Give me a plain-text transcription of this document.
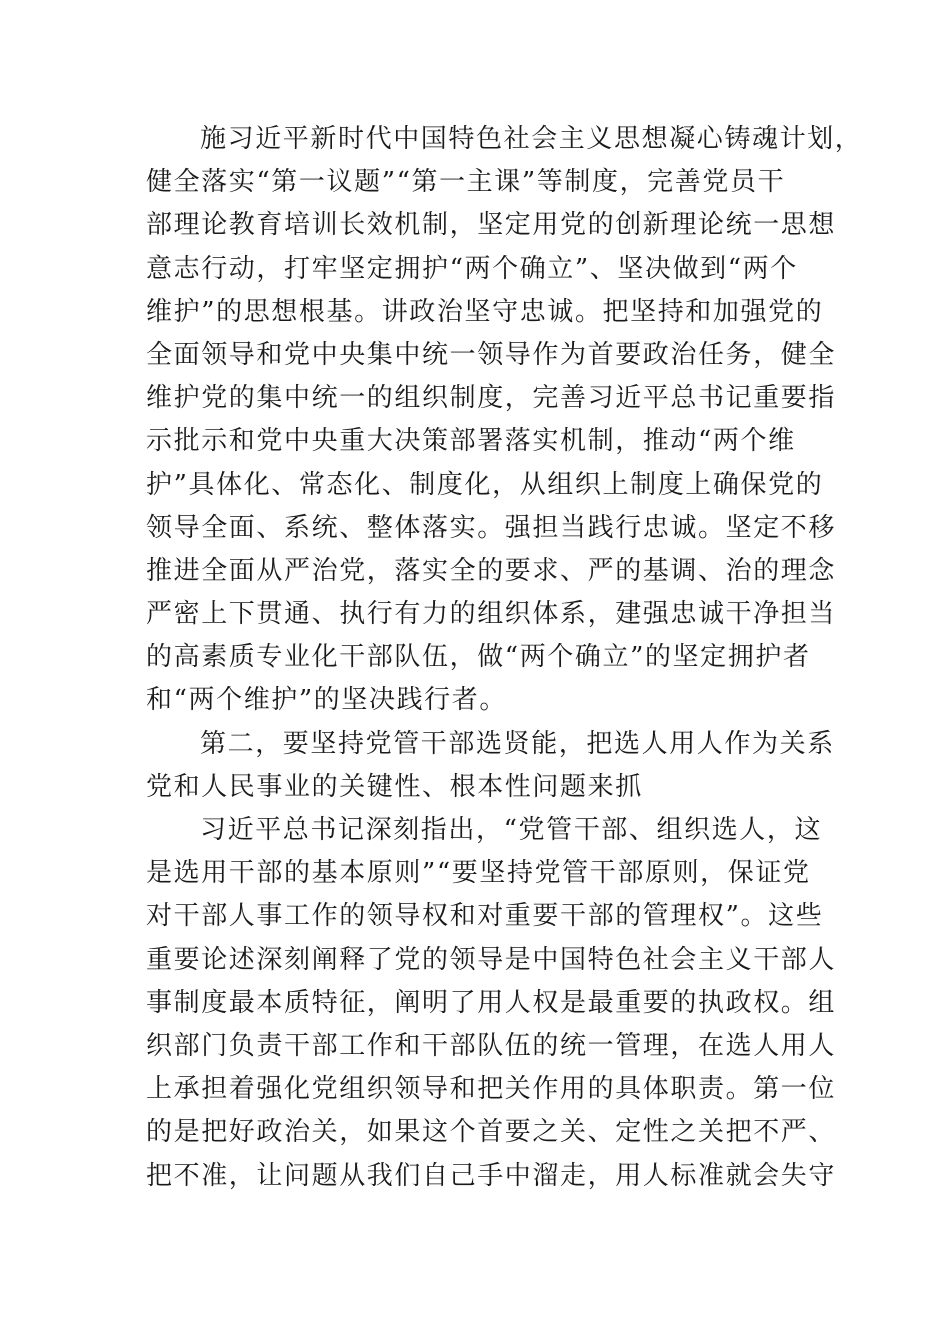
施习近平新时代中国特色社会主义思想凝心铸魂计划，
健全落实“第一议题”“第一主课”等制度，完善党员干
部理论教育培训长效机制，坚定用党的创新理论统一思想
意志行动，打牢坚定拥护“两个确立”、坚决做到“两个
维护”的思想根基。讲政治坚守忠诚。把坚持和加强党的
全面领导和党中央集中统一领导作为首要政治任务，健全
维护党的集中统一的组织制度，完善习近平总书记重要指
示批示和党中央重大决策部署落实机制，推动“两个维
护”具体化、常态化、制度化，从组织上制度上确保党的
领导全面、系统、整体落实。强担当践行忠诚。坚定不移
推进全面从严治党，落实全的要求、严的基调、治的理念
严密上下贯通、执行有力的组织体系，建强忠诚干净担当
的高素质专业化干部队伍，做“两个确立”的坚定拥护者
和“两个维护”的坚决践行者。
第二，要坚持党管干部选贤能，把选人用人作为关系
党和人民事业的关键性、根本性问题来抓
习近平总书记深刻指出，“党管干部、组织选人，这
是选用干部的基本原则”“要坚持党管干部原则，保证党
对干部人事工作的领导权和对重要干部的管理权”。这些
重要论述深刻阐释了党的领导是中国特色社会主义干部人
事制度最本质特征，阐明了用人权是最重要的执政权。组
织部门负责干部工作和干部队伍的统一管理，在选人用人
上承担着强化党组织领导和把关作用的具体职责。第一位
的是把好政治关，如果这个首要之关、定性之关把不严、
把不准，让问题从我们自己手中溜走，用人标准就会失守
